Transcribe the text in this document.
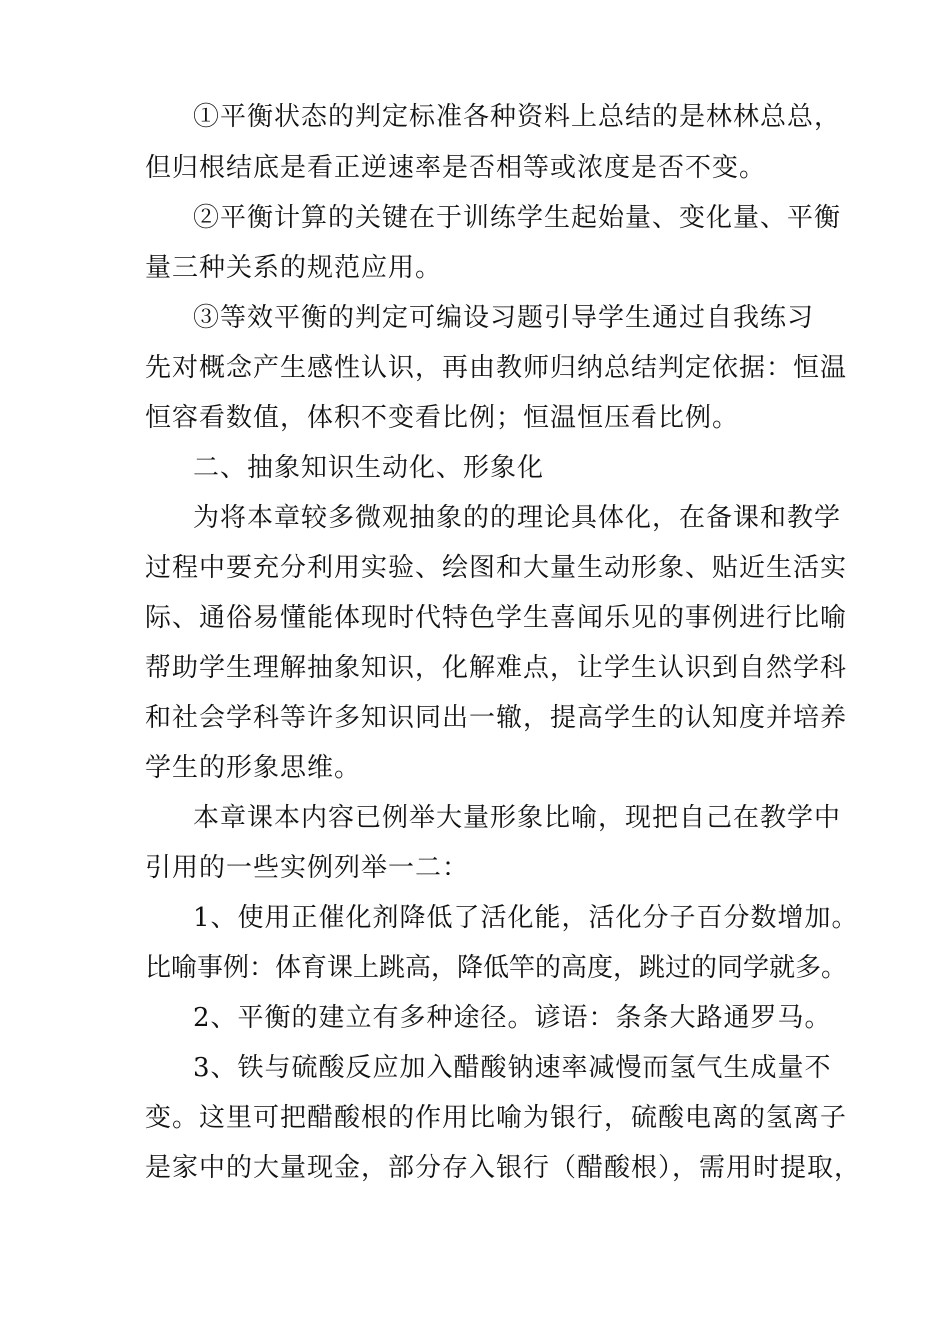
①平衡状态的判定标准各种资料上总结的是林林总总，
但归根结底是看正逆速率是否相等或浓度是否不变。
②平衡计算的关键在于训练学生起始量、变化量、平衡
量三种关系的规范应用。
③等效平衡的判定可编设习题引导学生通过自我练习
先对概念产生感性认识，再由教师归纳总结判定依据：恒温
恒容看数值，体积不变看比例；恒温恒压看比例。
二、抽象知识生动化、形象化
为将本章较多微观抽象的的理论具体化，在备课和教学
过程中要充分利用实验、绘图和大量生动形象、贴近生活实
际、通俗易懂能体现时代特色学生喜闻乐见的事例进行比喻
帮助学生理解抽象知识，化解难点，让学生认识到自然学科
和社会学科等许多知识同出一辙，提高学生的认知度并培养
学生的形象思维。
本章课本内容已例举大量形象比喻，现把自己在教学中
引用的一些实例列举一二：
1、使用正催化剂降低了活化能，活化分子百分数增加。
比喻事例：体育课上跳高，降低竿的高度，跳过的同学就多。
2、平衡的建立有多种途径。谚语：条条大路通罗马。
3、铁与硫酸反应加入醋酸钠速率减慢而氢气生成量不
变。这里可把醋酸根的作用比喻为银行，硫酸电离的氢离子
是家中的大量现金，部分存入银行（醋酸根），需用时提取，
